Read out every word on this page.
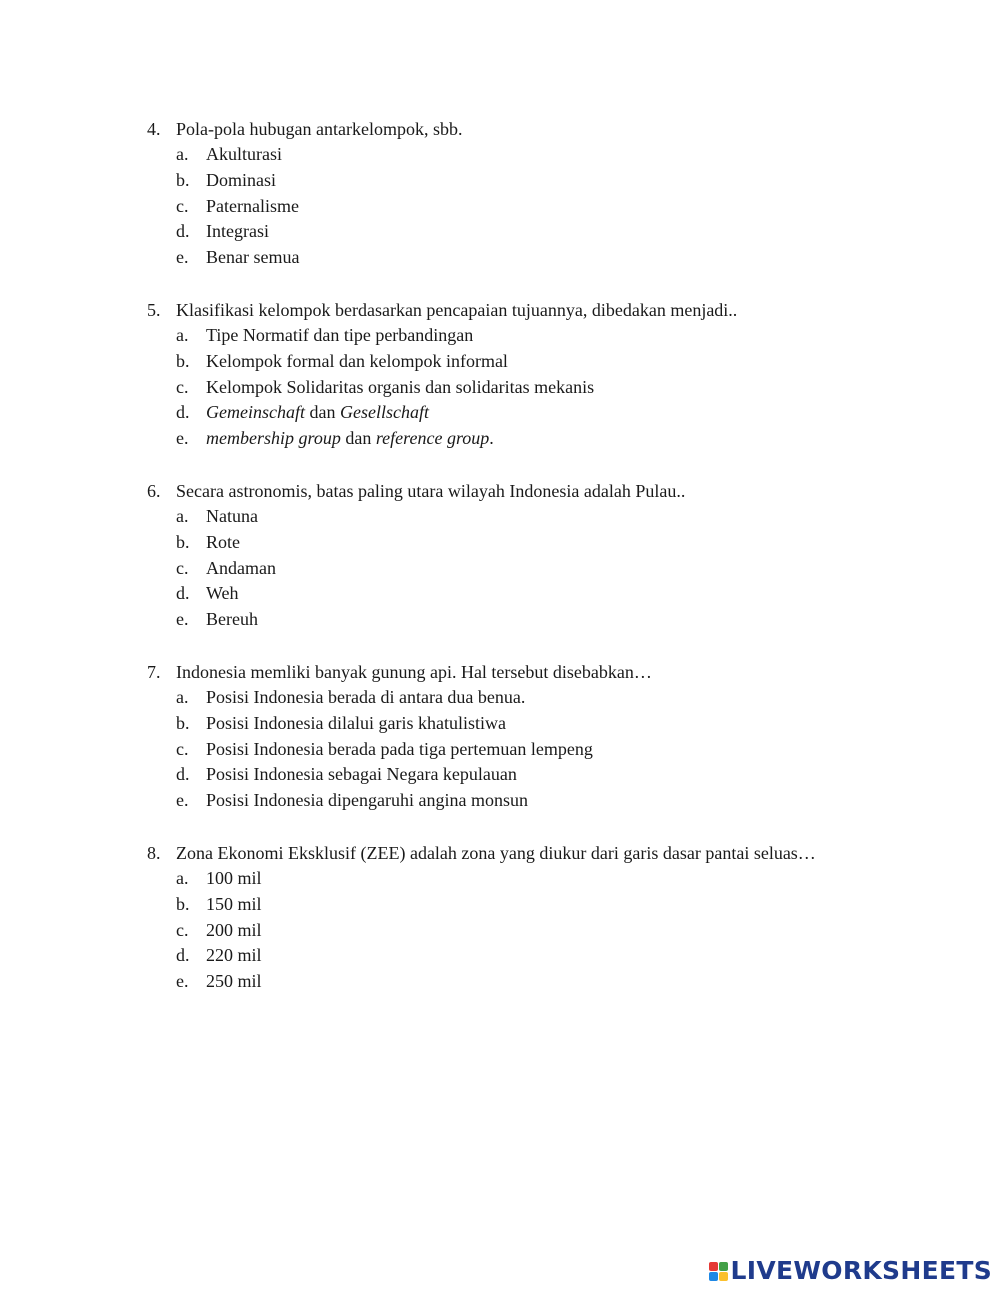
4. Pola-pola hubugan antarkelompok, sbb.
a. Akulturasi
b. Dominasi
c. Paternalisme
d. Integrasi
e. Benar semua
5. Klasifikasi kelompok berdasarkan pencapaian tujuannya, dibedakan menjadi..
a. Tipe Normatif dan tipe perbandingan
b. Kelompok formal dan kelompok informal
c. Kelompok Solidaritas organis dan solidaritas mekanis
d. Gemeinschaft dan Gesellschaft
e. membership group dan reference group.
6. Secara astronomis, batas paling utara wilayah Indonesia adalah Pulau..
a. Natuna
b. Rote
c. Andaman
d. Weh
e. Bereuh
7. Indonesia memliki banyak gunung api. Hal tersebut disebabkan…
a. Posisi Indonesia berada di antara dua benua.
b. Posisi Indonesia dilalui garis khatulistiwa
c. Posisi Indonesia berada pada tiga pertemuan lempeng
d. Posisi Indonesia sebagai Negara kepulauan
e. Posisi Indonesia dipengaruhi angina monsun
8. Zona Ekonomi Eksklusif (ZEE) adalah zona yang diukur dari garis dasar pantai seluas…
a. 100 mil
b. 150 mil
c. 200 mil
d. 220 mil
e. 250 mil
LIVEWORKSHEETS
